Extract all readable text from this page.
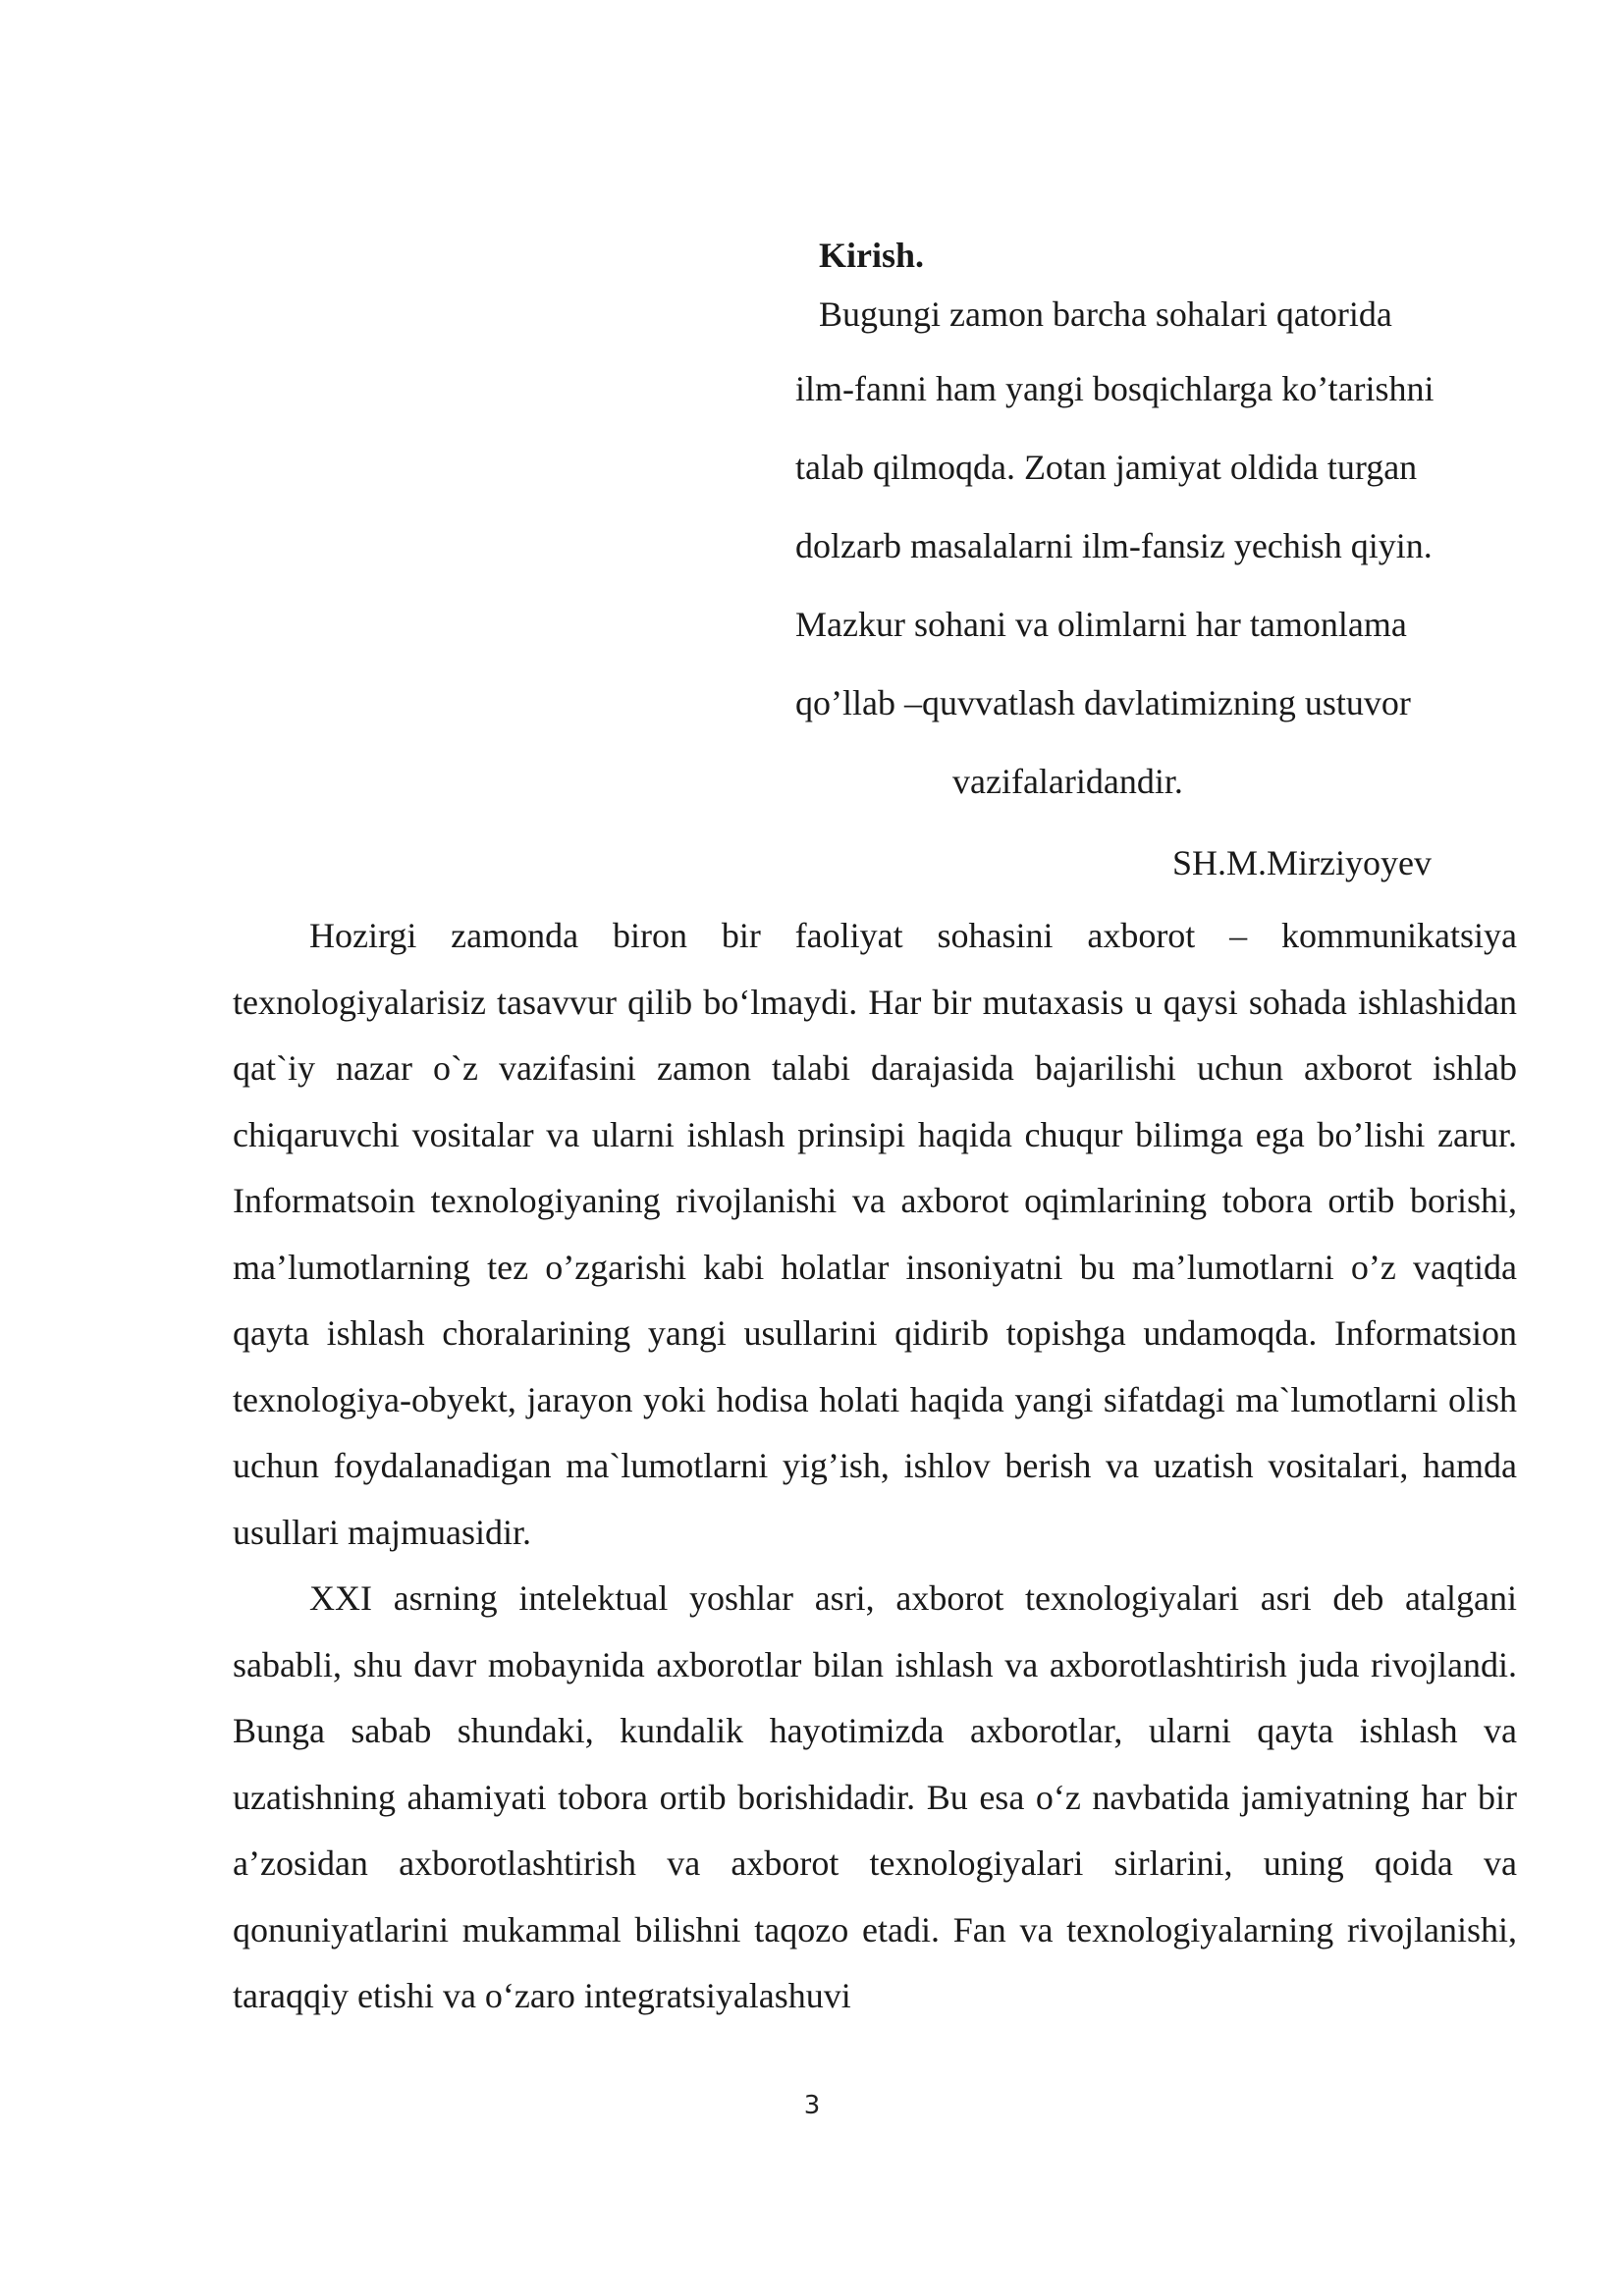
Kirish.

Bugungi zamon barcha sohalari qatorida

ilm-fanni ham yangi bosqichlarga ko’tarishni

talab qilmoqda. Zotan jamiyat oldida turgan

dolzarb masalalarni ilm-fansiz yechish qiyin.

Mazkur sohani va olimlarni har tamonlama

qo’llab –quvvatlash davlatimizning ustuvor

vazifalaridandir.

SH.M.Mirziyoyev

Hozirgi zamonda biron bir faoliyat sohasini axborot – kommunikatsiya texnologiyalarisiz tasavvur qilib bo‘lmaydi. Har bir mutaxasis u qaysi sohada ishlashidan qat`iy nazar o`z vazifasini zamon talabi darajasida bajarilishi uchun axborot ishlab chiqaruvchi vositalar va ularni ishlash prinsipi haqida chuqur bilimga ega bo’lishi zarur. Informatsoin texnologiyaning rivojlanishi va axborot oqimlarining tobora ortib borishi, ma’lumotlarning tez o’zgarishi kabi holatlar insoniyatni bu ma’lumotlarni o’z vaqtida qayta ishlash choralarining yangi usullarini qidirib topishga undamoqda. Informatsion texnologiya-obyekt, jarayon yoki hodisa holati haqida yangi sifatdagi ma`lumotlarni olish uchun foydalanadigan ma`lumotlarni yig’ish, ishlov berish va uzatish vositalari, hamda usullari majmuasidir.

XXI asrning intelektual yoshlar asri, axborot texnologiyalari asri deb atalgani sababli, shu davr mobaynida axborotlar bilan ishlash va axborotlashtirish juda rivojlandi. Bunga sabab shundaki, kundalik hayotimizda axborotlar, ularni qayta ishlash va uzatishning ahamiyati tobora ortib borishidadir. Bu esa o‘z navbatida jamiyatning har bir a’zosidan axborotlashtirish va axborot texnologiyalari sirlarini, uning qoida va qonuniyatlarini mukammal bilishni taqozo etadi. Fan va texnologiyalarning rivojlanishi, taraqqiy etishi va o‘zaro integratsiyalashuvi

3
